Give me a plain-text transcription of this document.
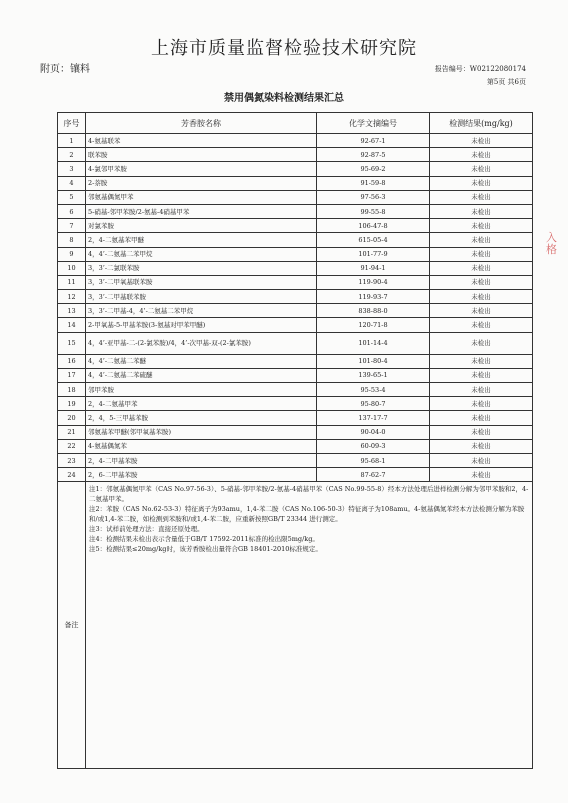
上海市质量监督检验技术研究院
附页：镶料	报告编号：W02122080174
第5页 共6页
禁用偶氮染料检测结果汇总
序号	芳香胺名称	化学文摘编号	检测结果(mg/kg)
1	4-氨基联苯	92-67-1	未检出
2	联苯胺	92-87-5	未检出
3	4-氯邻甲苯胺	95-69-2	未检出
4	2-萘胺	91-59-8	未检出
5	邻氨基偶氮甲苯	97-56-3	未检出
6	5-硝基-邻甲苯胺/2-氨基-4硝基甲苯	99-55-8	未检出
7	对氯苯胺	106-47-8	未检出
8	2，4-二氨基苯甲醚	615-05-4	未检出
9	4，4’-二氨基二苯甲烷	101-77-9	未检出
10	3，3’-二氯联苯胺	91-94-1	未检出
11	3，3’-二甲氧基联苯胺	119-90-4	未检出
12	3，3’-二甲基联苯胺	119-93-7	未检出
13	3，3’-二甲基-4，4’-二氨基二苯甲烷	838-88-0	未检出
14	2-甲氧基-5-甲基苯胺(3-氨基对甲苯甲醚)	120-71-8	未检出
15	4，4’-亚甲基-二-(2-氯苯胺)/4，4’-次甲基-双-(2-氯苯胺)	101-14-4	未检出
16	4，4’-二氨基二苯醚	101-80-4	未检出
17	4，4’-二氨基二苯硫醚	139-65-1	未检出
18	邻甲苯胺	95-53-4	未检出
19	2，4-二氨基甲苯	95-80-7	未检出
20	2，4，5-三甲基苯胺	137-17-7	未检出
21	邻氨基苯甲醚(邻甲氧基苯胺)	90-04-0	未检出
22	4-氨基偶氮苯	60-09-3	未检出
23	2，4-二甲基苯胺	95-68-1	未检出
24	2，6-二甲基苯胺	87-62-7	未检出
备注	注1：邻氨基偶氮甲苯（CAS No.97-56-3）、5-硝基-邻甲苯胺/2-氨基-4硝基甲苯（CAS No.99-55-8）经本方法处理后进样检测分解为邻甲苯胺和2，4-二氨基甲苯。
注2：苯胺（CAS No.62-53-3）特征离子为93amu，1,4-苯二胺（CAS No.106-50-3）特征离子为108amu。4-氨基偶氮苯经本方法检测分解为苯胺和/或1,4-苯二胺，如检测到苯胺和/或1,4-苯二胺，应重新按照GB/T 23344 进行测定。
注3：试样前处理方法：直接还原处理。
注4：检测结果未检出表示含量低于GB/T 17592-2011标准的检出限5mg/kg。
注5：检测结果≤20mg/kg时，该芳香胺检出量符合GB 18401-2010标准规定。		
入格
